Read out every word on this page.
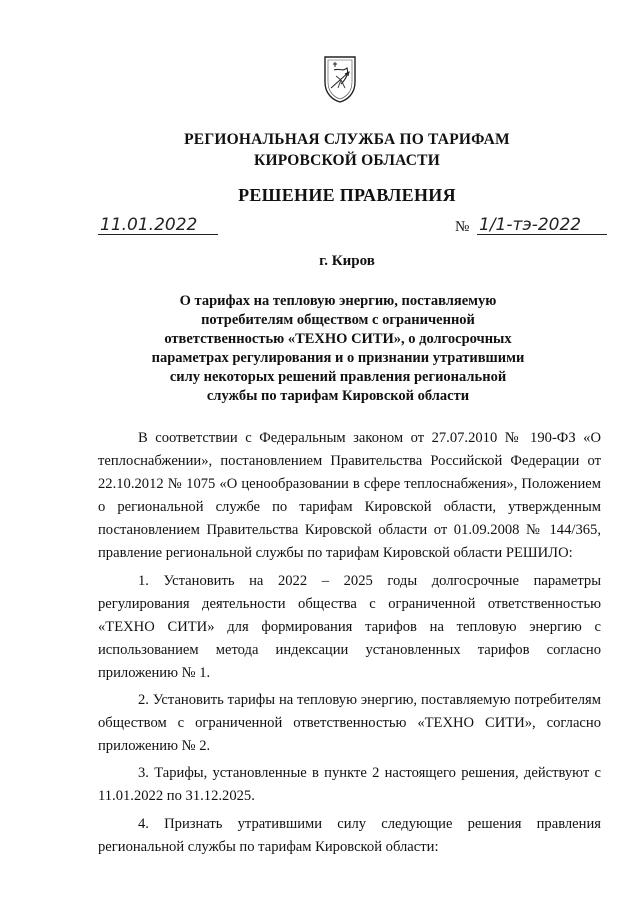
РЕГИОНАЛЬНАЯ СЛУЖБА ПО ТАРИФАМ
КИРОВСКОЙ ОБЛАСТИ
РЕШЕНИЕ ПРАВЛЕНИЯ
11.01.2022	№ 1/1-тэ-2022
г. Киров
О тарифах на тепловую энергию, поставляемую
потребителям обществом с ограниченной
ответственностью «ТЕХНО СИТИ», о долгосрочных
параметрах регулирования и о признании утратившими
силу некоторых решений правления региональной
службы по тарифам Кировской области

В соответствии с Федеральным законом от 27.07.2010 № 190-ФЗ «О теплоснабжении», постановлением Правительства Российской Федерации от 22.10.2012 № 1075 «О ценообразовании в сфере теплоснабжения», Положением о региональной службе по тарифам Кировской области, утвержденным постановлением Правительства Кировской области от 01.09.2008 № 144/365, правление региональной службы по тарифам Кировской области РЕШИЛО:

1. Установить на 2022 – 2025 годы долгосрочные параметры регулирования деятельности общества с ограниченной ответственностью «ТЕХНО СИТИ» для формирования тарифов на тепловую энергию с использованием метода индексации установленных тарифов согласно приложению № 1.

2. Установить тарифы на тепловую энергию, поставляемую потребителям обществом с ограниченной ответственностью «ТЕХНО СИТИ», согласно приложению № 2.

3. Тарифы, установленные в пункте 2 настоящего решения, действуют с 11.01.2022 по 31.12.2025.

4. Признать утратившими силу следующие решения правления региональной службы по тарифам Кировской области:
